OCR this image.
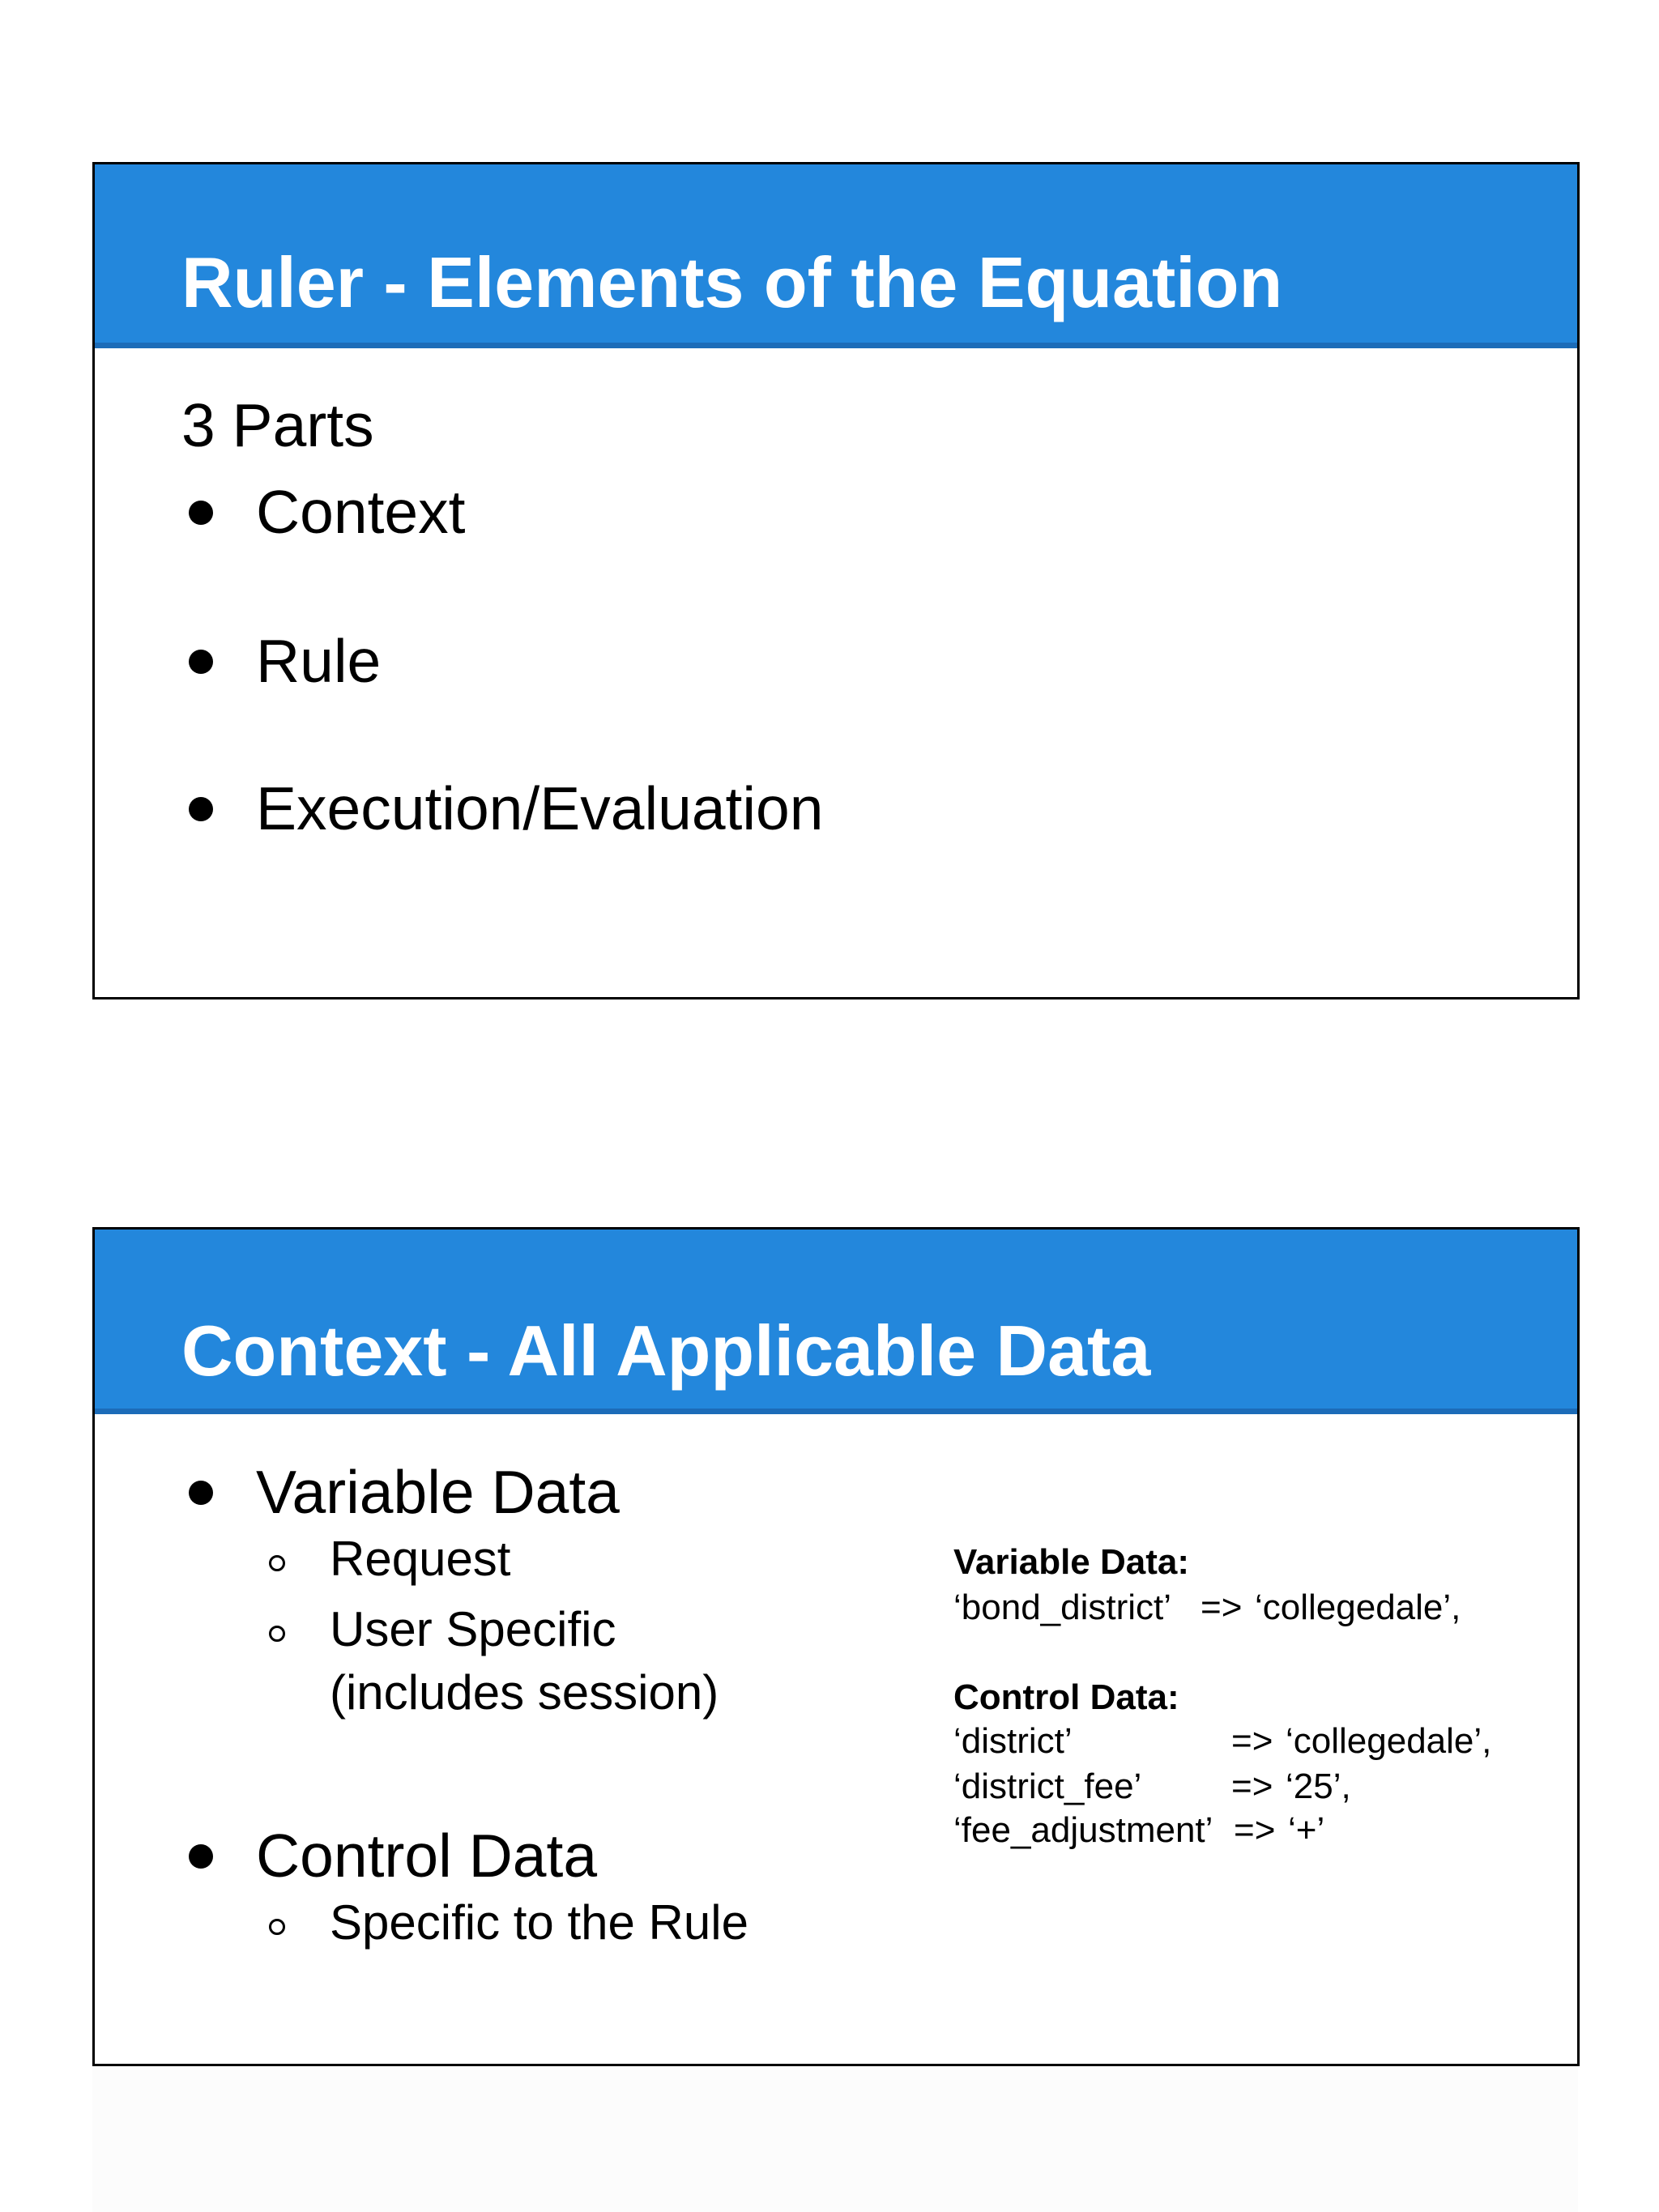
Ruler - Elements of the Equation
3 Parts
Context
Rule
Execution/Evaluation
Context - All Applicable Data
Variable Data
Request
User Specific
(includes session)
Control Data
Specific to the Rule
Variable Data:
‘bond_district’ => ‘collegedale’,
Control Data:
‘district’	=> ‘collegedale’,
‘district_fee’	=> ‘25’,
‘fee_adjustment’ => ‘+’
